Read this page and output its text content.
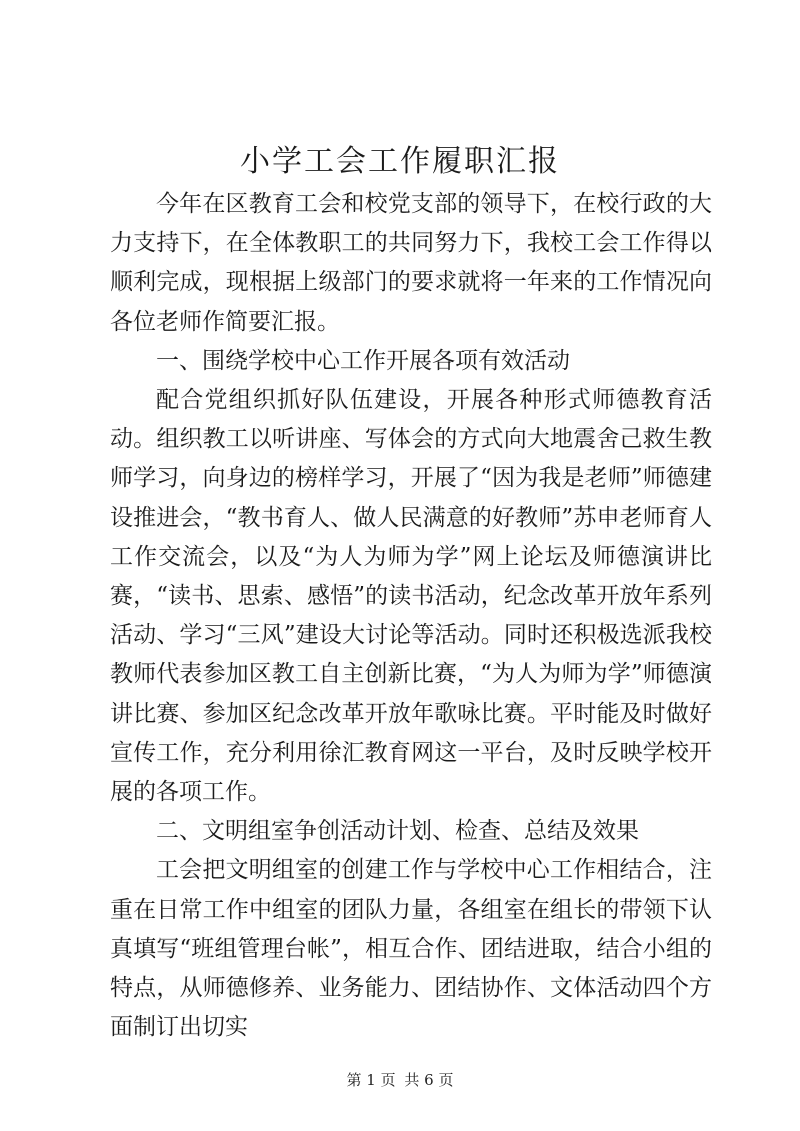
小学工会工作履职汇报

今年在区教育工会和校党支部的领导下，在校行政的大力支持下，在全体教职工的共同努力下，我校工会工作得以顺利完成，现根据上级部门的要求就将一年来的工作情况向各位老师作简要汇报。

一、围绕学校中心工作开展各项有效活动

配合党组织抓好队伍建设，开展各种形式师德教育活动。组织教工以听讲座、写体会的方式向大地震舍己救生教师学习，向身边的榜样学习，开展了“因为我是老师”师德建设推进会，“教书育人、做人民满意的好教师”苏申老师育人工作交流会，以及“为人为师为学”网上论坛及师德演讲比赛，“读书、思索、感悟”的读书活动，纪念改革开放年系列活动、学习“三风”建设大讨论等活动。同时还积极选派我校教师代表参加区教工自主创新比赛，“为人为师为学”师德演讲比赛、参加区纪念改革开放年歌咏比赛。平时能及时做好宣传工作，充分利用徐汇教育网这一平台，及时反映学校开展的各项工作。

二、文明组室争创活动计划、检查、总结及效果

工会把文明组室的创建工作与学校中心工作相结合，注重在日常工作中组室的团队力量，各组室在组长的带领下认真填写“班组管理台帐”，相互合作、团结进取，结合小组的特点，从师德修养、业务能力、团结协作、文体活动四个方面制订出切实

第 1 页 共 6 页
